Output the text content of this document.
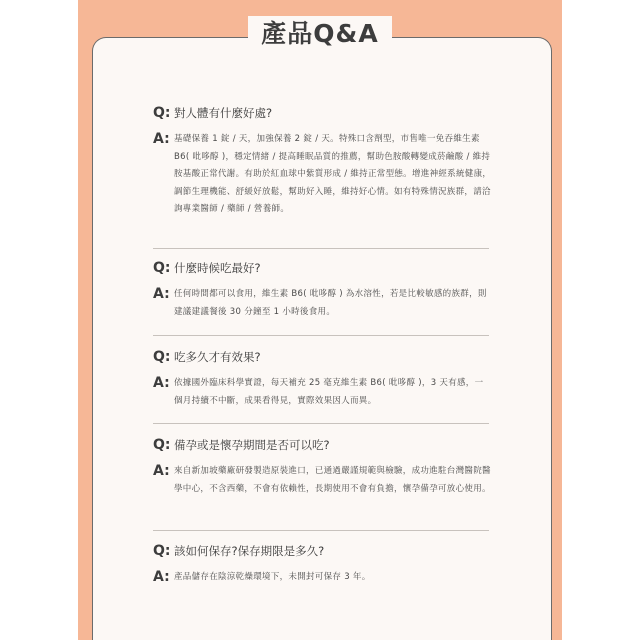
產品Q&A
Q: 對人體有什麼好處?
A: 基礎保養 1 錠 / 天，加強保養 2 錠 / 天。特殊口含劑型，市售唯一免吞維生素 B6( 吡哆醇 )，穩定情緒 / 提高睡眠品質的推薦，幫助色胺酸轉變成菸鹼酸 / 維持胺基酸正常代謝。有助於紅血球中紫質形成 / 維持正常型態。增進神經系統健康，調節生理機能、舒緩好放鬆，幫助好入睡，維持好心情。如有特殊情況族群，請洽詢專業醫師 / 藥師 / 營養師。
Q: 什麼時候吃最好?
A: 任何時間都可以食用，維生素 B6( 吡哆醇 ) 為水溶性，若是比較敏感的族群，則建議建議餐後 30 分鐘至 1 小時後食用。
Q: 吃多久才有效果?
A: 依據國外臨床科學實證，每天補充 25 毫克維生素 B6( 吡哆醇 )，3 天有感，一個月持續不中斷，成果看得見，實際效果因人而異。
Q: 備孕或是懷孕期間是否可以吃?
A: 來自新加坡藥廠研發製造原裝進口，已通過嚴謹規範與檢驗，成功進駐台灣醫院醫學中心，不含西藥，不會有依賴性，長期使用不會有負擔，懷孕備孕可放心使用。
Q: 該如何保存?保存期限是多久?
A: 產品儲存在陰涼乾燥環境下，未開封可保存 3 年。
